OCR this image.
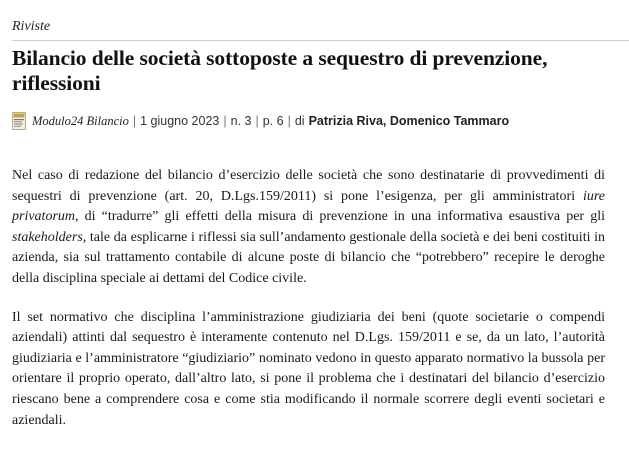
Riviste

Bilancio delle società sottoposte a sequestro di prevenzione, riflessioni
Modulo24 Bilancio | 1 giugno 2023 | n. 3 | p. 6 | di Patrizia Riva, Domenico Tammaro

Nel caso di redazione del bilancio d’esercizio delle società che sono destinatarie di provvedimenti di sequestri di prevenzione (art. 20, D.Lgs.159/2011) si pone l’esigenza, per gli amministratori iure privatorum, di “tradurre” gli effetti della misura di prevenzione in una informativa esaustiva per gli stakeholders, tale da esplicarne i riflessi sia sull’andamento gestionale della società e dei beni costituiti in azienda, sia sul trattamento contabile di alcune poste di bilancio che “potrebbero” recepire le deroghe della disciplina speciale ai dettami del Codice civile.

Il set normativo che disciplina l’amministrazione giudiziaria dei beni (quote societarie o compendi aziendali) attinti dal sequestro è interamente contenuto nel D.Lgs. 159/2011 e se, da un lato, l’autorità giudiziaria e l’amministratore “giudiziario” nominato vedono in questo apparato normativo la bussola per orientare il proprio operato, dall’altro lato, si pone il problema che i destinatari del bilancio d’esercizio riescano bene a comprendere cosa e come stia modificando il normale scorrere degli eventi societari e aziendali.
